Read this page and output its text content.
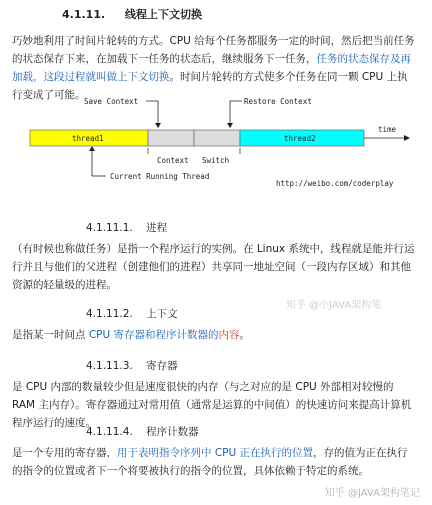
4.1.11. 线程上下文切换
巧妙地利用了时间片轮转的方式。CPU 给每个任务都服务一定的时间，然后把当前任务的状态保存下来，在加载下一任务的状态后，继续服务下一任务，任务的状态保存及再加载，这段过程就叫做上下文切换。时间片轮转的方式使多个任务在同一颗 CPU 上执行变成了可能。
Save Context	Restore Context
thread1	thread2
time
Context Switch
Current Running Thread
http://weibo.com/coderplay
4.1.11.1. 进程
（有时候也称做任务）是指一个程序运行的实例。在 Linux 系统中，线程就是能并行运行并且与他们的父进程（创建他们的进程）共享同一地址空间（一段内存区域）和其他资源的轻量级的进程。
4.1.11.2. 上下文
是指某一时间点 CPU 寄存器和程序计数器的内容。
4.1.11.3. 寄存器
是 CPU 内部的数量较少但是速度很快的内存（与之对应的是 CPU 外部相对较慢的 RAM 主内存）。寄存器通过对常用值（通常是运算的中间值）的快速访问来提高计算机程序运行的速度。
4.1.11.4. 程序计数器
是一个专用的寄存器，用于表明指令序列中 CPU 正在执行的位置，存的值为正在执行的指令的位置或者下一个将要被执行的指令的位置，具体依赖于特定的系统。
知乎 @小JAVA架构笔
知乎 @JAVA架构笔记
